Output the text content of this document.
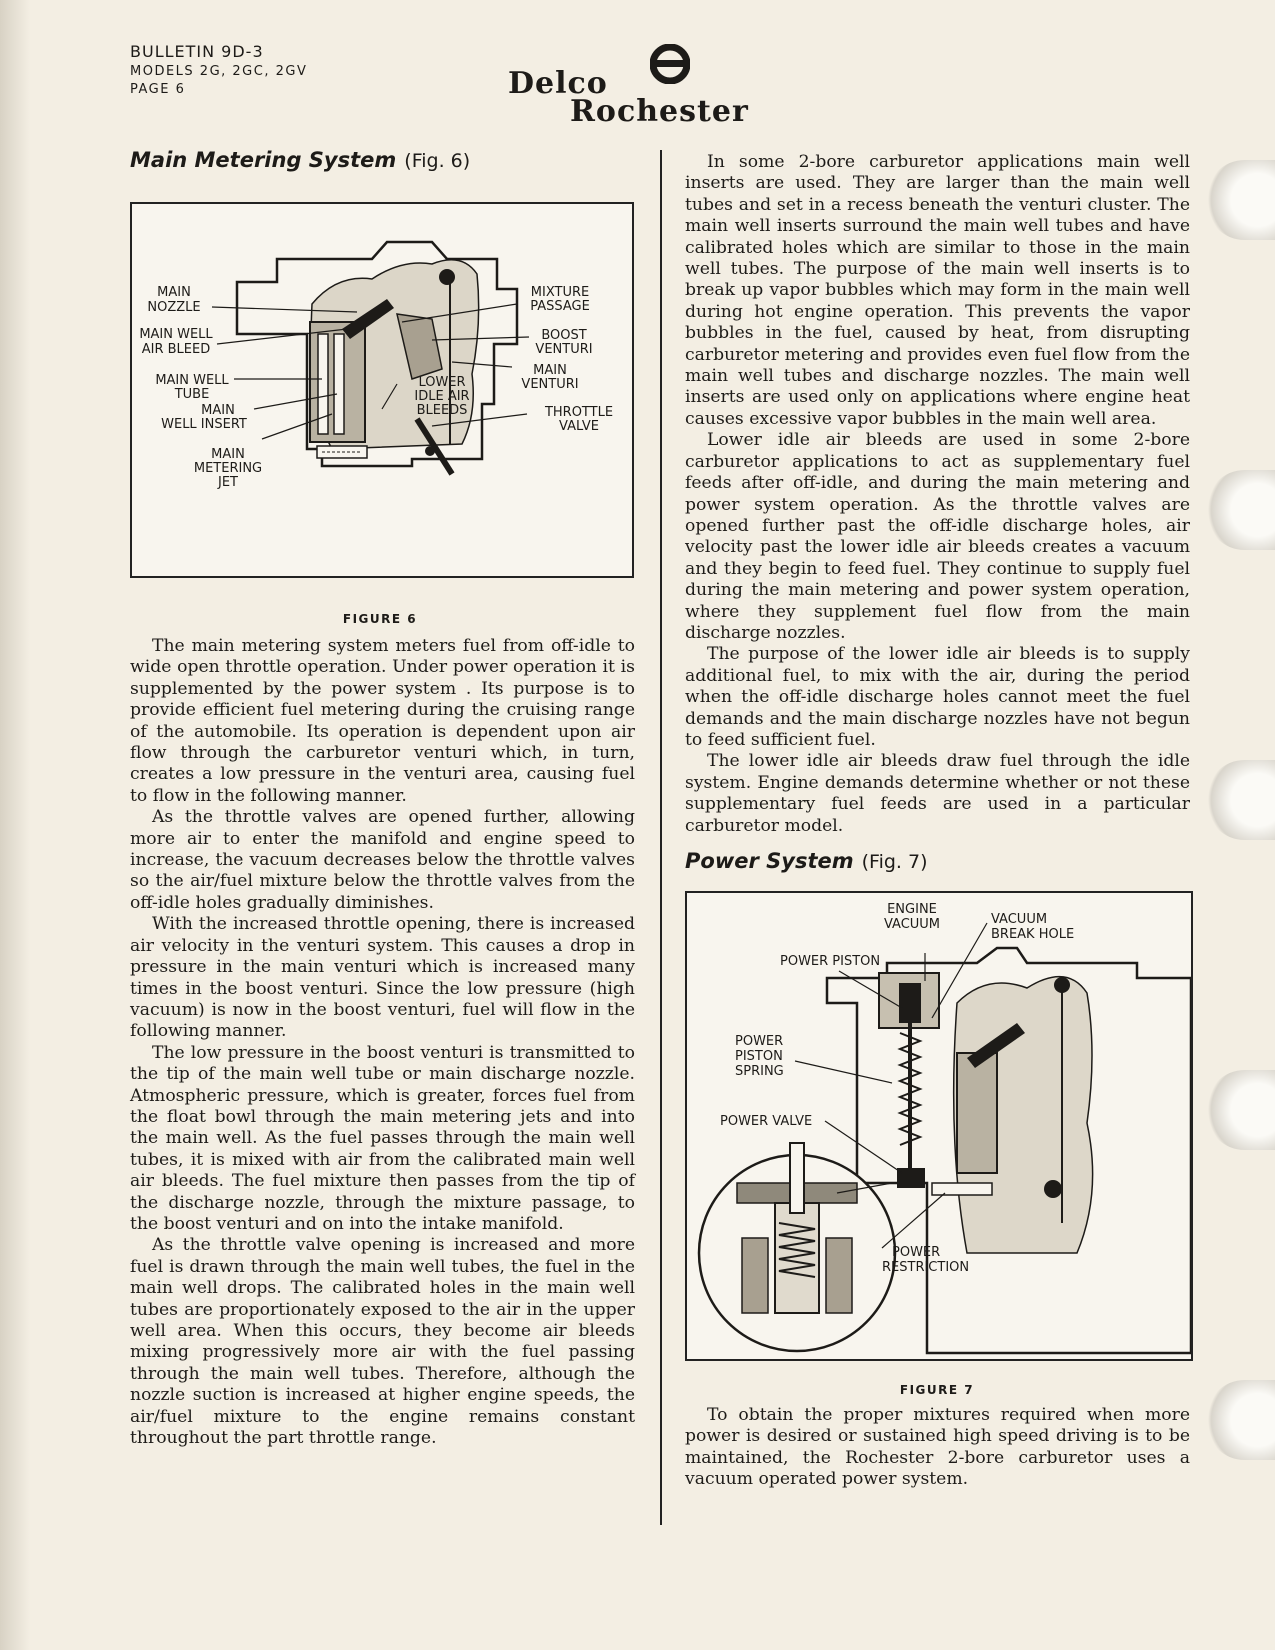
BULLETIN 9D-3
MODELS 2G, 2GC, 2GV
PAGE 6	Delco
Rochester
Main Metering System (Fig. 6)
MAIN
NOZZLE
MAIN WELL
AIR BLEED
MAIN WELL
TUBE
MAIN
WELL INSERT
MAIN
METERING
JET
MIXTURE
PASSAGE
BOOST
VENTURI
MAIN
VENTURI
LOWER
IDLE AIR
BLEEDS	THROTTLE
VALVE
FIGURE 6

The main metering system meters fuel from off-idle to wide open throttle operation. Under power operation it is supplemented by the power system . Its purpose is to provide efficient fuel metering during the cruising range of the automobile. Its operation is dependent upon air flow through the carburetor venturi which, in turn, creates a low pressure in the venturi area, causing fuel to flow in the following manner.

As the throttle valves are opened further, allowing more air to enter the manifold and engine speed to increase, the vacuum decreases below the throttle valves so the air/fuel mixture below the throttle valves from the off-idle holes gradually diminishes.

With the increased throttle opening, there is increased air velocity in the venturi system. This causes a drop in pressure in the main venturi which is increased many times in the boost venturi. Since the low pressure (high vacuum) is now in the boost venturi, fuel will flow in the following manner.

The low pressure in the boost venturi is transmitted to the tip of the main well tube or main discharge nozzle. Atmospheric pressure, which is greater, forces fuel from the float bowl through the main metering jets and into the main well. As the fuel passes through the main well tubes, it is mixed with air from the calibrated main well air bleeds. The fuel mixture then passes from the tip of the discharge nozzle, through the mixture passage, to the boost venturi and on into the intake manifold.

As the throttle valve opening is increased and more fuel is drawn through the main well tubes, the fuel in the main well drops. The calibrated holes in the main well tubes are proportionately exposed to the air in the upper well area. When this occurs, they become air bleeds mixing progressively more air with the fuel passing through the main well tubes. Therefore, although the nozzle suction is increased at higher engine speeds, the air/fuel mixture to the engine remains constant throughout the part throttle range.

In some 2-bore carburetor applications main well inserts are used. They are larger than the main well tubes and set in a recess beneath the venturi cluster. The main well inserts surround the main well tubes and have calibrated holes which are similar to those in the main well tubes. The purpose of the main well inserts is to break up vapor bubbles which may form in the main well during hot engine operation. This prevents the vapor bubbles in the fuel, caused by heat, from disrupting carburetor metering and provides even fuel flow from the main well tubes and discharge nozzles. The main well inserts are used only on applications where engine heat causes excessive vapor bubbles in the main well area.

Lower idle air bleeds are used in some 2-bore carburetor applications to act as supplementary fuel feeds after off-idle, and during the main metering and power system operation. As the throttle valves are opened further past the off-idle discharge holes, air velocity past the lower idle air bleeds creates a vacuum and they begin to feed fuel. They continue to supply fuel during the main metering and power system operation, where they supplement fuel flow from the main discharge nozzles.

The purpose of the lower idle air bleeds is to supply additional fuel, to mix with the air, during the period when the off-idle discharge holes cannot meet the fuel demands and the main discharge nozzles have not begun to feed sufficient fuel.

The lower idle air bleeds draw fuel through the idle system. Engine demands determine whether or not these supplementary fuel feeds are used in a particular carburetor model.

Power System (Fig. 7)
ENGINE
VACUUM	VACUUM
BREAK HOLE
POWER PISTON
POWER
PISTON
SPRING
POWER VALVE
POWER
RESTRICTION
FIGURE 7

To obtain the proper mixtures required when more power is desired or sustained high speed driving is to be maintained, the Rochester 2-bore carburetor uses a vacuum operated power system.
